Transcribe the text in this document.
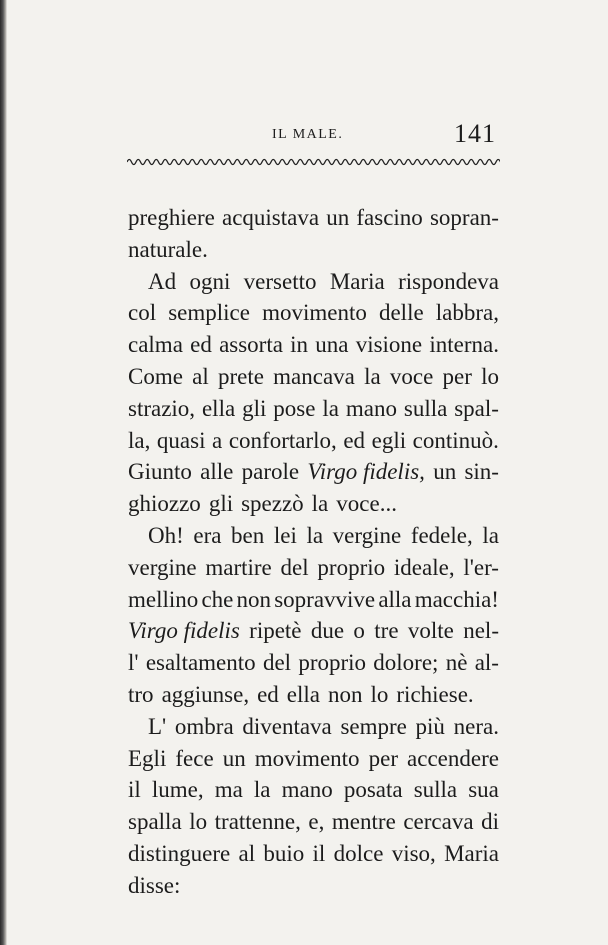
IL MALE.	141
preghiere acquistava un fascino sopran-
naturale.
Ad ogni versetto Maria rispondeva
col semplice movimento delle labbra,
calma ed assorta in una visione interna.
Come al prete mancava la voce per lo
strazio, ella gli pose la mano sulla spal-
la, quasi a confortarlo, ed egli continuò.
Giunto alle parole Virgo fidelis, un sin-
ghiozzo gli spezzò la voce...
Oh! era ben lei la vergine fedele, la
vergine martire del proprio ideale, l'er-
mellino che non sopravvive alla macchia!
Virgo fidelis ripetè due o tre volte nel-
l' esaltamento del proprio dolore; nè al-
tro aggiunse, ed ella non lo richiese.
L' ombra diventava sempre più nera.
Egli fece un movimento per accendere
il lume, ma la mano posata sulla sua
spalla lo trattenne, e, mentre cercava di
distinguere al buio il dolce viso, Maria
disse:
